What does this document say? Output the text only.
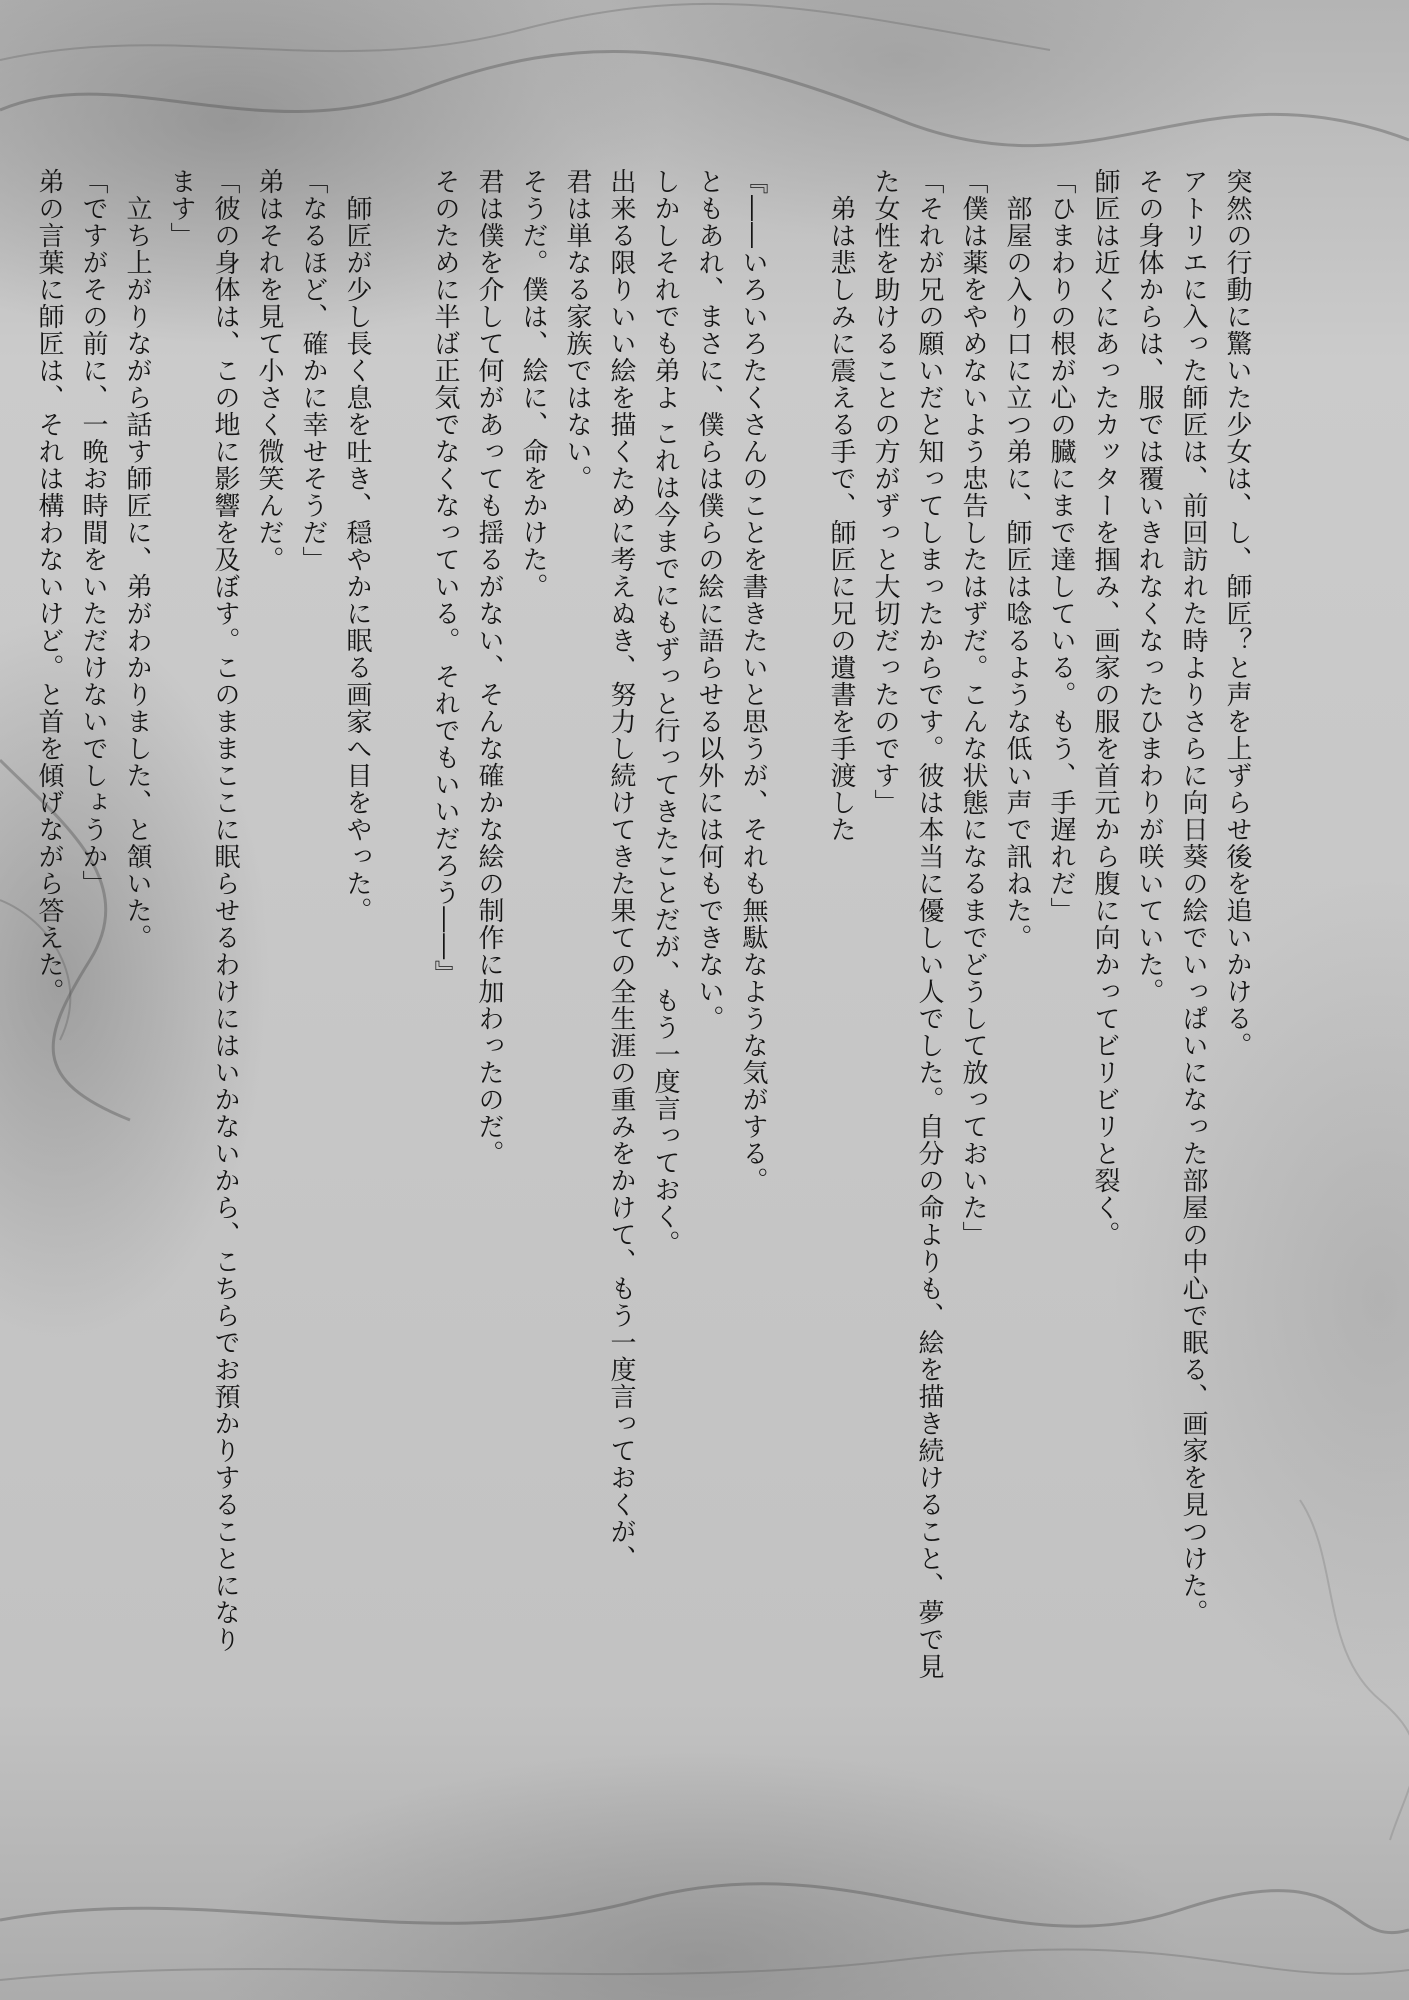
突然の行動に驚いた少女は、し、師匠？と声を上ずらせ後を追いかける。
アトリエに入った師匠は、前回訪れた時よりさらに向日葵の絵でいっぱいになった部屋の中心で眠る、画家を見つけた。
その身体からは、服では覆いきれなくなったひまわりが咲いていた。
師匠は近くにあったカッターを掴み、画家の服を首元から腹に向かってビリビリと裂く。
「ひまわりの根が心の臓にまで達している。もう、手遅れだ」
　部屋の入り口に立つ弟に、師匠は唸るような低い声で訊ねた。
「僕は薬をやめないよう忠告したはずだ。こんな状態になるまでどうして放っておいた」
「それが兄の願いだと知ってしまったからです。彼は本当に優しい人でした。自分の命よりも、絵を描き続けること、夢で見
た女性を助けることの方がずっと大切だったのです」
　弟は悲しみに震える手で、師匠に兄の遺書を手渡した
『――いろいろたくさんのことを書きたいと思うが、それも無駄なような気がする。
ともあれ、まさに、僕らは僕らの絵に語らせる以外には何もできない。
しかしそれでも弟よ これは今までにもずっと行ってきたことだが、もう一度言っておく。
出来る限りいい絵を描くために考えぬき、努力し続けてきた果ての全生涯の重みをかけて、もう一度言っておくが、
君は単なる家族ではない。
そうだ。僕は、絵に、命をかけた。
君は僕を介して何があっても揺るがない、そんな確かな絵の制作に加わったのだ。
そのために半ば正気でなくなっている。 それでもいいだろう――』
　師匠が少し長く息を吐き、穏やかに眠る画家へ目をやった。
「なるほど、確かに幸せそうだ」
弟はそれを見て小さく微笑んだ。
「彼の身体は、この地に影響を及ぼす。このままここに眠らせるわけにはいかないから、こちらでお預かりすることになり
ます」
　立ち上がりながら話す師匠に、弟がわかりました、と頷いた。
「ですがその前に、一晩お時間をいただけないでしょうか」
弟の言葉に師匠は、それは構わないけど。と首を傾げながら答えた。
